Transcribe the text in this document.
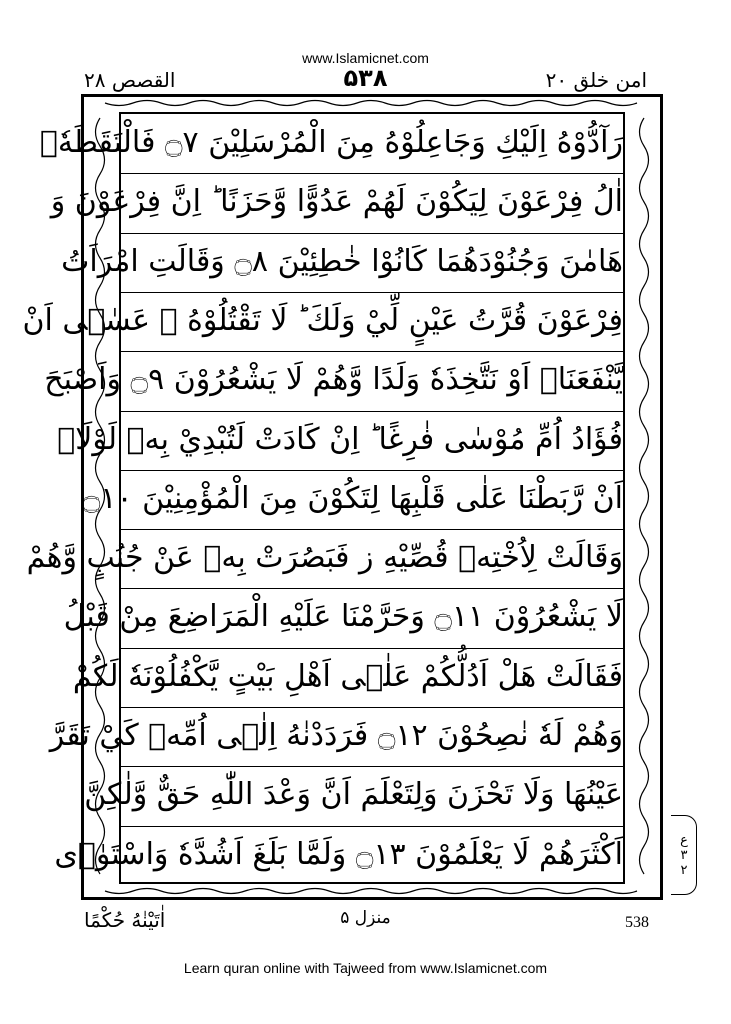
www.Islamicnet.com
القصص ۲۸	۵۳۸	امن خلق ۲۰
رَآدُّوْهُ اِلَيْكِ وَجَاعِلُوْهُ مِنَ الْمُرْسَلِيْنَ ۝٧ فَالْتَقَطَهٗۤ
اٰلُ فِرْعَوْنَ لِيَكُوْنَ لَهُمْ عَدُوًّا وَّحَزَنًا ؕ اِنَّ فِرْعَوْنَ وَ
هَامٰنَ وَجُنُوْدَهُمَا كَانُوْا خٰطِئِيْنَ ۝٨ وَقَالَتِ امْرَاَتُ
فِرْعَوْنَ قُرَّتُ عَيْنٍ لِّيْ وَلَكَ ؕ لَا تَقْتُلُوْهُ ۖ عَسٰۤى اَنْ
يَّنْفَعَنَاۤ اَوْ نَتَّخِذَهٗ وَلَدًا وَّهُمْ لَا يَشْعُرُوْنَ ۝٩ وَاَصْبَحَ
فُؤَادُ اُمِّ مُوْسٰى فٰرِغًا ؕ اِنْ كَادَتْ لَتُبْدِيْ بِهٖ لَوْلَاۤ
اَنْ رَّبَطْنَا عَلٰى قَلْبِهَا لِتَكُوْنَ مِنَ الْمُؤْمِنِيْنَ ۝١٠
وَقَالَتْ لِاُخْتِهٖ قُصِّيْهِ ز فَبَصُرَتْ بِهٖ عَنْ جُنُبٍ وَّهُمْ
لَا يَشْعُرُوْنَ ۝١١ وَحَرَّمْنَا عَلَيْهِ الْمَرَاضِعَ مِنْ قَبْلُ
فَقَالَتْ هَلْ اَدُلُّكُمْ عَلٰۤى اَهْلِ بَيْتٍ يَّكْفُلُوْنَهٗ لَكُمْ
وَهُمْ لَهٗ نٰصِحُوْنَ ۝١٢ فَرَدَدْنٰهُ اِلٰۤى اُمِّهٖ كَيْ تَقَرَّ
عَيْنُهَا وَلَا تَحْزَنَ وَلِتَعْلَمَ اَنَّ وَعْدَ اللّٰهِ حَقٌّ وَّلٰكِنَّ
اَكْثَرَهُمْ لَا يَعْلَمُوْنَ ۝١٣ وَلَمَّا بَلَغَ اَشُدَّهٗ وَاسْتَوٰۤى	ع
۳
۲
اٰتَيْنٰهُ حُكْمًا	منزل ۵	538
Learn quran online with Tajweed from www.Islamicnet.com
